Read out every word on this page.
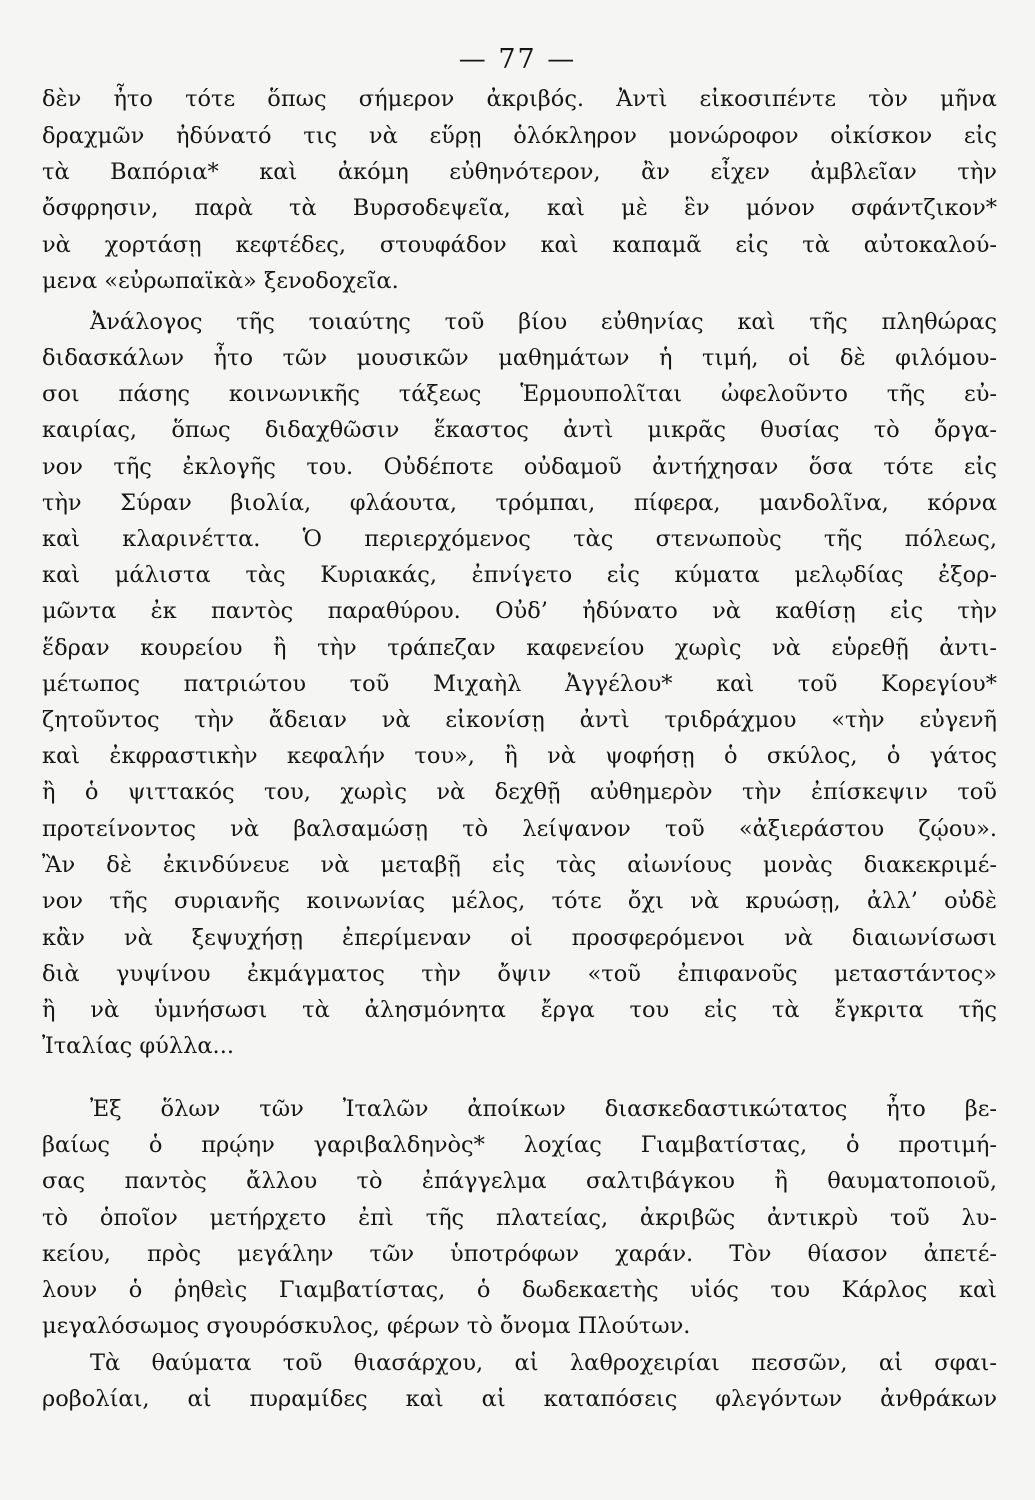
— 77 —
δὲν ἦτο τότε ὅπως σήμερον ἀκριβός. Ἀντὶ εἰκοσιπέντε τὸν μῆνα
δραχμῶν ἠδύνατό τις νὰ εὕρῃ ὁλόκληρον μονώροφον οἰκίσκον εἰς
τὰ Βαπόρια* καὶ ἀκόμη εὐθηνότερον, ἂν εἶχεν ἀμβλεῖαν τὴν
ὄσφρησιν, παρὰ τὰ Βυρσοδεψεῖα, καὶ μὲ ἓν μόνον σφάντζικον*
νὰ χορτάσῃ κεφτέδες, στουφάδον καὶ καπαμᾶ εἰς τὰ αὐτοκαλού-
μενα «εὐρωπαϊκὰ» ξενοδοχεῖα.
Ἀνάλογος τῆς τοιαύτης τοῦ βίου εὐθηνίας καὶ τῆς πληθώρας
διδασκάλων ἦτο τῶν μουσικῶν μαθημάτων ἡ τιμή, οἱ δὲ φιλόμου-
σοι πάσης κοινωνικῆς τάξεως Ἑρμουπολῖται ὠφελοῦντο τῆς εὐ-
καιρίας, ὅπως διδαχθῶσιν ἕκαστος ἀντὶ μικρᾶς θυσίας τὸ ὄργα-
νον τῆς ἐκλογῆς του. Οὐδέποτε οὐδαμοῦ ἀντήχησαν ὅσα τότε εἰς
τὴν Σύραν βιολία, φλάουτα, τρόμπαι, πίφερα, μανδολῖνα, κόρνα
καὶ κλαρινέττα. Ὁ περιερχόμενος τὰς στενωποὺς τῆς πόλεως,
καὶ μάλιστα τὰς Κυριακάς, ἐπνίγετο εἰς κύματα μελῳδίας ἐξορ-
μῶντα ἐκ παντὸς παραθύρου. Οὐδ’ ἠδύνατο νὰ καθίσῃ εἰς τὴν
ἕδραν κουρείου ἢ τὴν τράπεζαν καφενείου χωρὶς νὰ εὑρεθῇ ἀντι-
μέτωπος πατριώτου τοῦ Μιχαὴλ Ἀγγέλου* καὶ τοῦ Κορεγίου*
ζητοῦντος τὴν ἄδειαν νὰ εἰκονίσῃ ἀντὶ τριδράχμου «τὴν εὐγενῆ
καὶ ἐκφραστικὴν κεφαλήν του», ἢ νὰ ψοφήσῃ ὁ σκύλος, ὁ γάτος
ἢ ὁ ψιττακός του, χωρὶς νὰ δεχθῇ αὐθημερὸν τὴν ἐπίσκεψιν τοῦ
προτείνοντος νὰ βαλσαμώσῃ τὸ λείψανον τοῦ «ἀξιεράστου ζῴου».
Ἂν δὲ ἐκινδύνευε νὰ μεταβῇ εἰς τὰς αἰωνίους μονὰς διακεκριμέ-
νον τῆς συριανῆς κοινωνίας μέλος, τότε ὄχι νὰ κρυώσῃ, ἀλλ’ οὐδὲ
κἂν νὰ ξεψυχήσῃ ἐπερίμεναν οἱ προσφερόμενοι νὰ διαιωνίσωσι
διὰ γυψίνου ἐκμάγματος τὴν ὄψιν «τοῦ ἐπιφανοῦς μεταστάντος»
ἢ νὰ ὑμνήσωσι τὰ ἀλησμόνητα ἔργα του εἰς τὰ ἔγκριτα τῆς
Ἰταλίας φύλλα...
Ἐξ ὅλων τῶν Ἰταλῶν ἀποίκων διασκεδαστικώτατος ἦτο βε-
βαίως ὁ πρῴην γαριβαλδηνὸς* λοχίας Γιαμβατίστας, ὁ προτιμή-
σας παντὸς ἄλλου τὸ ἐπάγγελμα σαλτιβάγκου ἢ θαυματοποιοῦ,
τὸ ὁποῖον μετήρχετο ἐπὶ τῆς πλατείας, ἀκριβῶς ἀντικρὺ τοῦ λυ-
κείου, πρὸς μεγάλην τῶν ὑποτρόφων χαράν. Τὸν θίασον ἀπετέ-
λουν ὁ ῥηθεὶς Γιαμβατίστας, ὁ δωδεκαετὴς υἱός του Κάρλος καὶ
μεγαλόσωμος σγουρόσκυλος, φέρων τὸ ὄνομα Πλούτων.
Τὰ θαύματα τοῦ θιασάρχου, αἱ λαθροχειρίαι πεσσῶν, αἱ σφαι-
ροβολίαι, αἱ πυραμίδες καὶ αἱ καταπόσεις φλεγόντων ἀνθράκων
